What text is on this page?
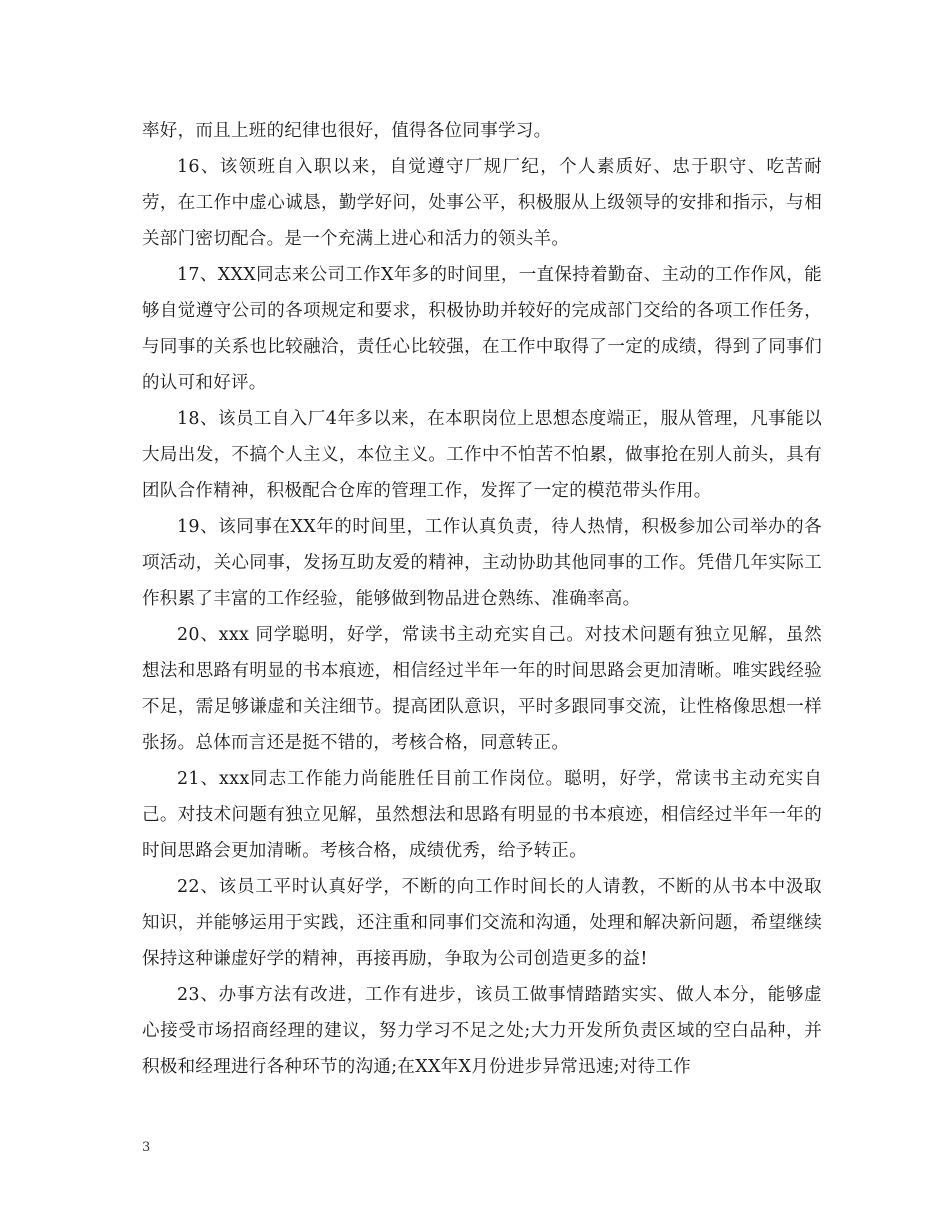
率好，而且上班的纪律也很好，值得各位同事学习。

16、该领班自入职以来，自觉遵守厂规厂纪，个人素质好、忠于职守、吃苦耐劳，在工作中虚心诚恳，勤学好问，处事公平，积极服从上级领导的安排和指示，与相关部门密切配合。是一个充满上进心和活力的领头羊。

17、XXX同志来公司工作X年多的时间里，一直保持着勤奋、主动的工作作风，能够自觉遵守公司的各项规定和要求，积极协助并较好的完成部门交给的各项工作任务，与同事的关系也比较融洽，责任心比较强，在工作中取得了一定的成绩，得到了同事们的认可和好评。

18、该员工自入厂4年多以来，在本职岗位上思想态度端正，服从管理，凡事能以大局出发，不搞个人主义，本位主义。工作中不怕苦不怕累，做事抢在别人前头，具有团队合作精神，积极配合仓库的管理工作，发挥了一定的模范带头作用。

19、该同事在XX年的时间里，工作认真负责，待人热情，积极参加公司举办的各项活动，关心同事，发扬互助友爱的精神，主动协助其他同事的工作。凭借几年实际工作积累了丰富的工作经验，能够做到物品进仓熟练、准确率高。

20、xxx 同学聪明，好学，常读书主动充实自己。对技术问题有独立见解，虽然想法和思路有明显的书本痕迹，相信经过半年一年的时间思路会更加清晰。唯实践经验不足，需足够谦虚和关注细节。提高团队意识，平时多跟同事交流，让性格像思想一样张扬。总体而言还是挺不错的，考核合格，同意转正。

21、xxx同志工作能力尚能胜任目前工作岗位。聪明，好学，常读书主动充实自己。对技术问题有独立见解，虽然想法和思路有明显的书本痕迹，相信经过半年一年的时间思路会更加清晰。考核合格，成绩优秀，给予转正。

22、该员工平时认真好学，不断的向工作时间长的人请教，不断的从书本中汲取知识，并能够运用于实践，还注重和同事们交流和沟通，处理和解决新问题，希望继续保持这种谦虚好学的精神，再接再励，争取为公司创造更多的益!

23、办事方法有改进，工作有进步，该员工做事情踏踏实实、做人本分，能够虚心接受市场招商经理的建议，努力学习不足之处;大力开发所负责区域的空白品种，并积极和经理进行各种环节的沟通;在XX年X月份进步异常迅速;对待工作

3
